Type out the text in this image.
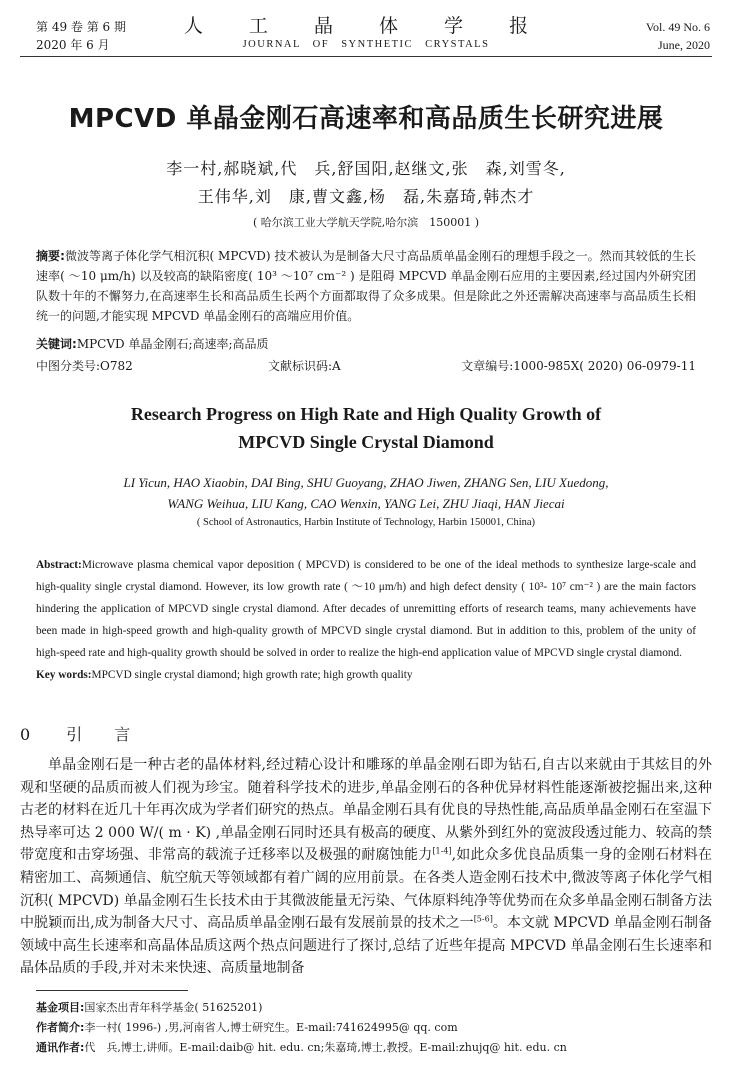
第 49 卷 第 6 期
2020 年 6 月
人 工 晶 体 学 报
JOURNAL OF SYNTHETIC CRYSTALS
Vol. 49 No. 6
June, 2020
MPCVD 单晶金刚石高速率和高品质生长研究进展
李一村,郝晓斌,代　兵,舒国阳,赵继文,张　森,刘雪冬,
王伟华,刘　康,曹文鑫,杨　磊,朱嘉琦,韩杰才
( 哈尔滨工业大学航天学院,哈尔滨　150001 )
摘要:微波等离子体化学气相沉积( MPCVD) 技术被认为是制备大尺寸高品质单晶金刚石的理想手段之一。然而其较低的生长速率( ～10 μm/h) 以及较高的缺陷密度( 10³ ～10⁷ cm⁻² ) 是阻碍 MPCVD 单晶金刚石应用的主要因素,经过国内外研究团队数十年的不懈努力,在高速率生长和高品质生长两个方面都取得了众多成果。但是除此之外还需解决高速率与高品质生长相统一的问题,才能实现 MPCVD 单晶金刚石的高端应用价值。
关键词:MPCVD 单晶金刚石;高速率;高品质
中图分类号:O782	文献标识码:A	文章编号:1000-985X( 2020) 06-0979-11
Research Progress on High Rate and High Quality Growth of
MPCVD Single Crystal Diamond
LI Yicun, HAO Xiaobin, DAI Bing, SHU Guoyang, ZHAO Jiwen, ZHANG Sen, LIU Xuedong,
WANG Weihua, LIU Kang, CAO Wenxin, YANG Lei, ZHU Jiaqi, HAN Jiecai
( School of Astronautics, Harbin Institute of Technology, Harbin 150001, China)
Abstract:Microwave plasma chemical vapor deposition ( MPCVD) is considered to be one of the ideal methods to synthesize large-scale and high-quality single crystal diamond. However, its low growth rate ( ～10 μm/h) and high defect density ( 10³- 10⁷ cm⁻² ) are the main factors hindering the application of MPCVD single crystal diamond. After decades of unremitting efforts of research teams, many achievements have been made in high-speed growth and high-quality growth of MPCVD single crystal diamond. But in addition to this, problem of the unity of high-speed rate and high-quality growth should be solved in order to realize the high-end application value of MPCVD single crystal diamond.
Key words:MPCVD single crystal diamond; high growth rate; high growth quality
0 引　　言
单晶金刚石是一种古老的晶体材料,经过精心设计和雕琢的单晶金刚石即为钻石,自古以来就由于其炫目的外观和坚硬的品质而被人们视为珍宝。随着科学技术的进步,单晶金刚石的各种优异材料性能逐渐被挖掘出来,这种古老的材料在近几十年再次成为学者们研究的热点。单晶金刚石具有优良的导热性能,高品质单晶金刚石在室温下热导率可达 2 000 W/( m · K) ,单晶金刚石同时还具有极高的硬度、从紫外到红外的宽波段透过能力、较高的禁带宽度和击穿场强、非常高的载流子迁移率以及极强的耐腐蚀能力[1-4],如此众多优良品质集一身的金刚石材料在精密加工、高频通信、航空航天等领域都有着广阔的应用前景。在各类人造金刚石技术中,微波等离子体化学气相沉积( MPCVD) 单晶金刚石生长技术由于其微波能量无污染、气体原料纯净等优势而在众多单晶金刚石制备方法中脱颖而出,成为制备大尺寸、高品质单晶金刚石最有发展前景的技术之一[5-6]。本文就 MPCVD 单晶金刚石制备领域中高生长速率和高晶体品质这两个热点问题进行了探讨,总结了近些年提高 MPCVD 单晶金刚石生长速率和晶体品质的手段,并对未来快速、高质量地制备
基金项目:国家杰出青年科学基金( 51625201)
作者简介:李一村( 1996-) ,男,河南省人,博士研究生。E-mail:741624995@ qq. com
通讯作者:代　兵,博士,讲师。E-mail:daib@ hit. edu. cn;朱嘉琦,博士,教授。E-mail:zhujq@ hit. edu. cn
